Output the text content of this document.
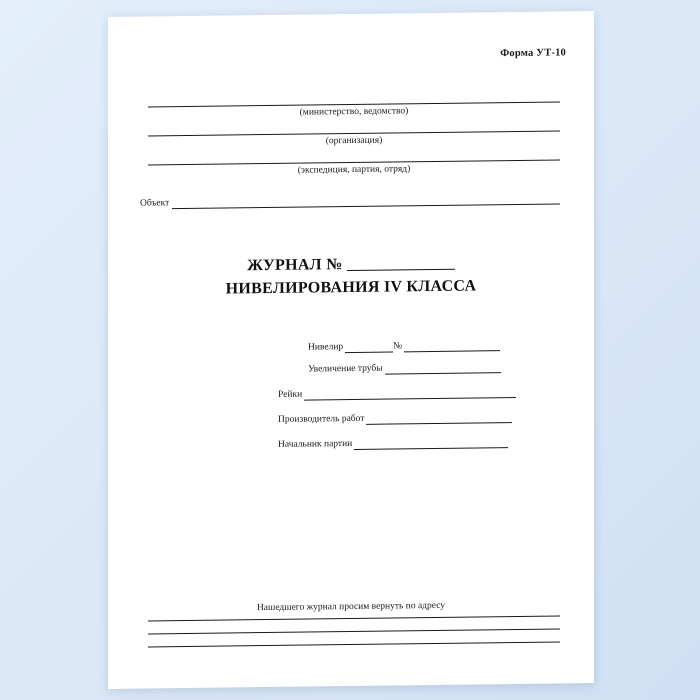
Форма УТ-10
(министерство, ведомство)
(организация)
(экспедиция, партия, отряд)
Объект
ЖУРНАЛ №
НИВЕЛИРОВАНИЯ IV КЛАССА
Нивелир	№
Увеличение трубы
Рейки
Производитель работ
Начальник партии
Нашедшего журнал просим вернуть по адресу
